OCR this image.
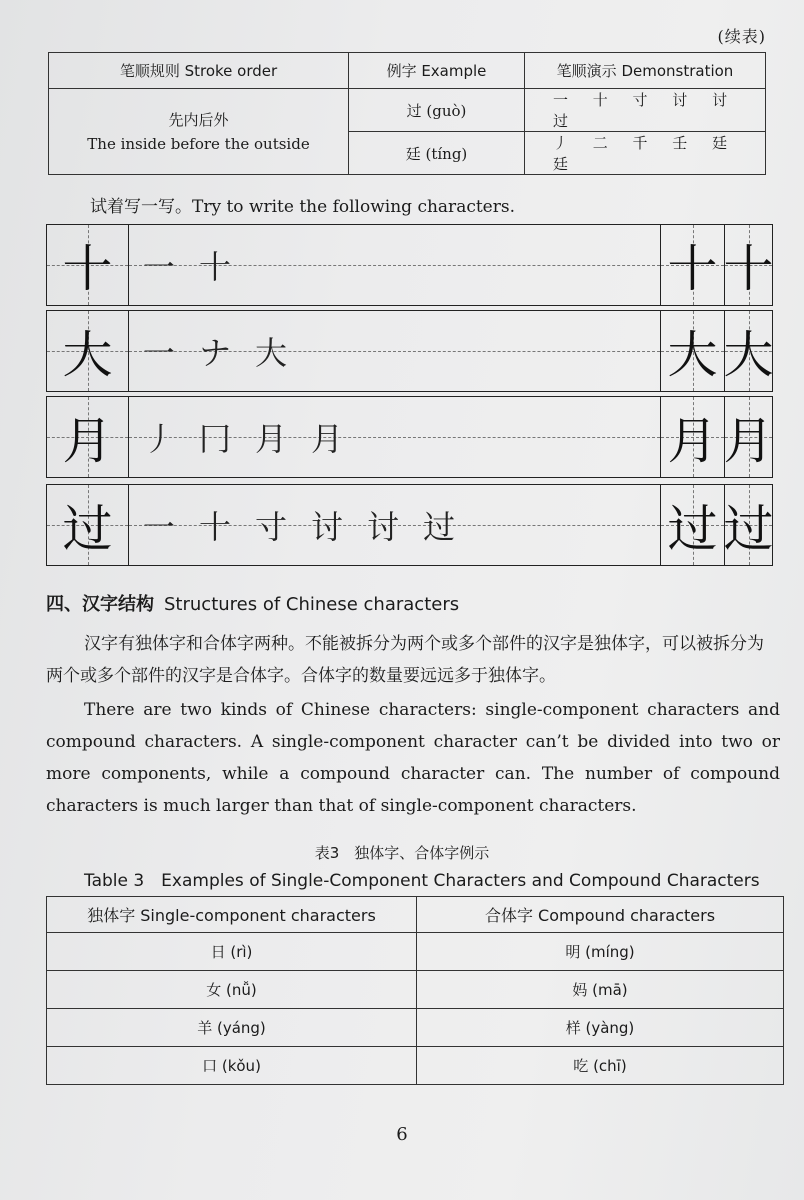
(续表)
笔顺规则 Stroke order	例字 Example	笔顺演示 Demonstration

先内后外
The inside before the outside	过 (guò)	一 十 寸 讨 讨 过
	廷 (tíng)	丿 二 千 壬 廷 廷
试着写一写。Try to write the following characters.
十 一 十	十 十
大 一 ナ 大	大 大
月 丿 冂 月 月	月 月
过 一 十 寸 讨 讨 过	过 过
四、汉字结构 Structures of Chinese characters

汉字有独体字和合体字两种。不能被拆分为两个或多个部件的汉字是独体字，可以被拆分为两个或多个部件的汉字是合体字。合体字的数量要远远多于独体字。

There are two kinds of Chinese characters: single-component characters and compound characters. A single-component character can’t be divided into two or more components, while a compound character can. The number of compound characters is much larger than that of single-component characters.

表3　独体字、合体字例示
Table 3　Examples of Single-Component Characters and Compound Characters
独体字 Single-component characters	合体字 Compound characters
日 (rì)	明 (míng)
女 (nǚ)	妈 (mā)
羊 (yáng)	样 (yàng)
口 (kǒu)	吃 (chī)
6
